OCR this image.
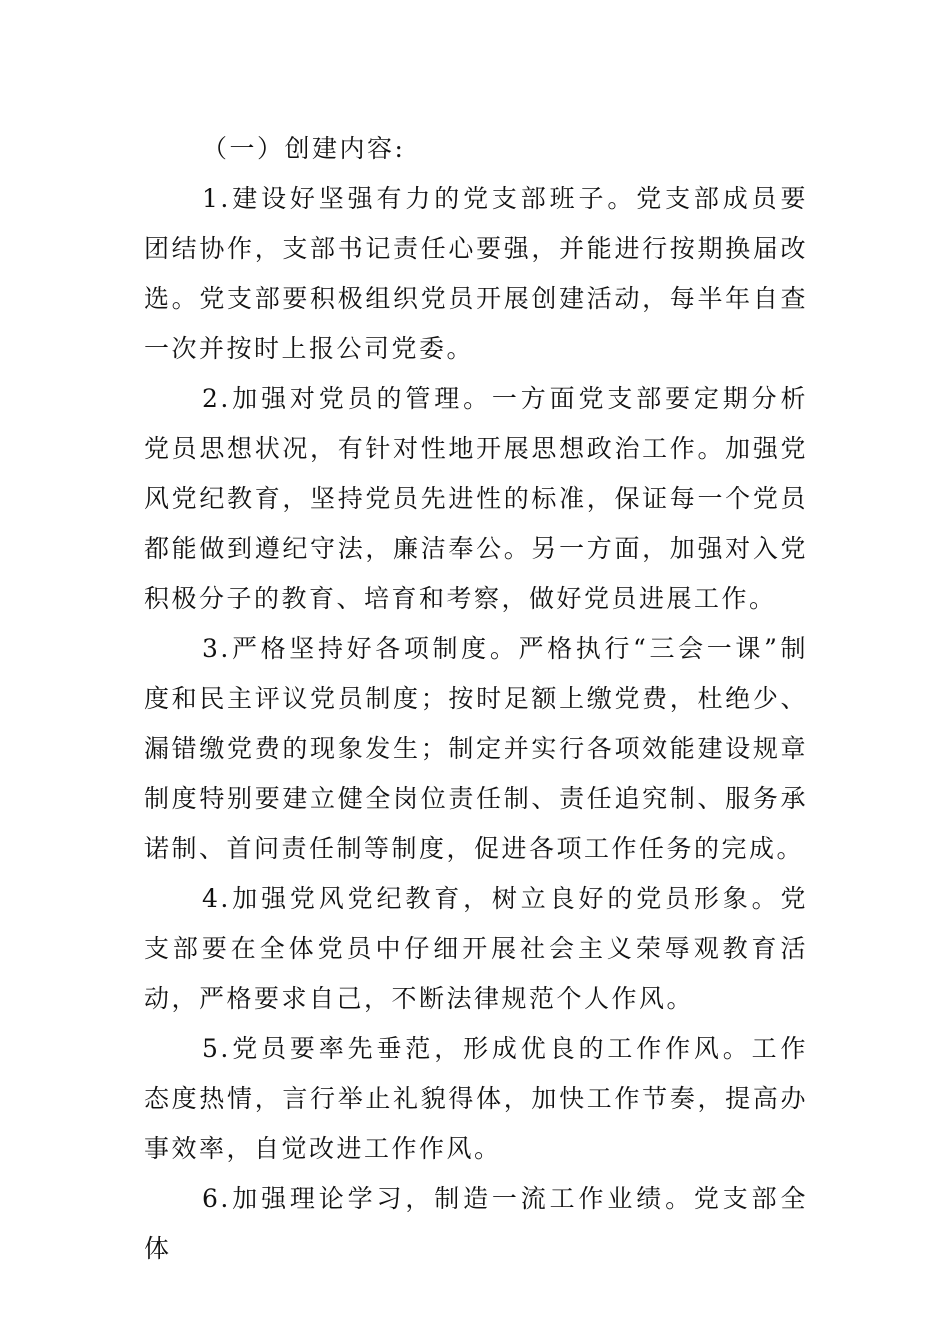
（一）创建内容:

1.建设好坚强有力的党支部班子。党支部成员要团结协作，支部书记责任心要强，并能进行按期换届改选。党支部要积极组织党员开展创建活动，每半年自查一次并按时上报公司党委。

2.加强对党员的管理。一方面党支部要定期分析党员思想状况，有针对性地开展思想政治工作。加强党风党纪教育，坚持党员先进性的标准，保证每一个党员都能做到遵纪守法，廉洁奉公。另一方面，加强对入党积极分子的教育、培育和考察，做好党员进展工作。

3.严格坚持好各项制度。严格执行“三会一课”制度和民主评议党员制度；按时足额上缴党费，杜绝少、漏错缴党费的现象发生；制定并实行各项效能建设规章制度特别要建立健全岗位责任制、责任追究制、服务承诺制、首问责任制等制度，促进各项工作任务的完成。

4.加强党风党纪教育，树立良好的党员形象。党支部要在全体党员中仔细开展社会主义荣辱观教育活动，严格要求自己，不断法律规范个人作风。

5.党员要率先垂范，形成优良的工作作风。工作态度热情，言行举止礼貌得体，加快工作节奏，提高办事效率，自觉改进工作作风。

6.加强理论学习，制造一流工作业绩。党支部全体
